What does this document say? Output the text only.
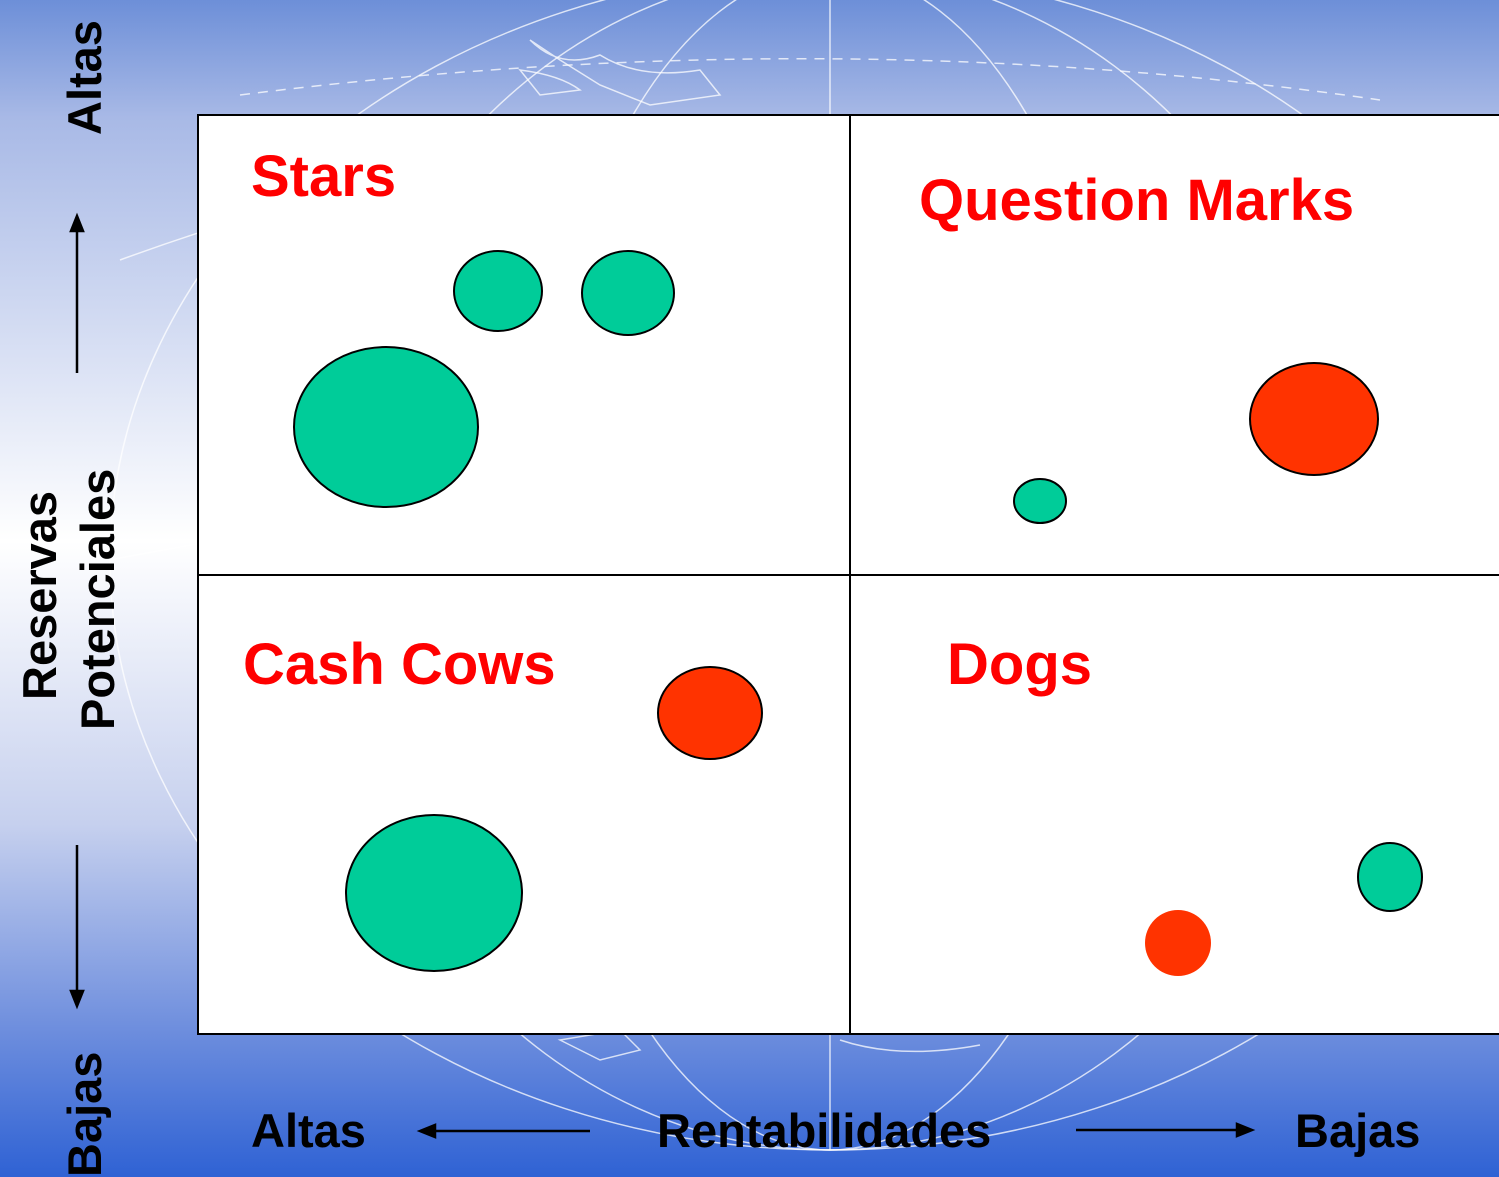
Stars	Question Marks
Cash Cows	Dogs
Altas
Bajas
Reservas Potenciales
Altas	Rentabilidades	Bajas
